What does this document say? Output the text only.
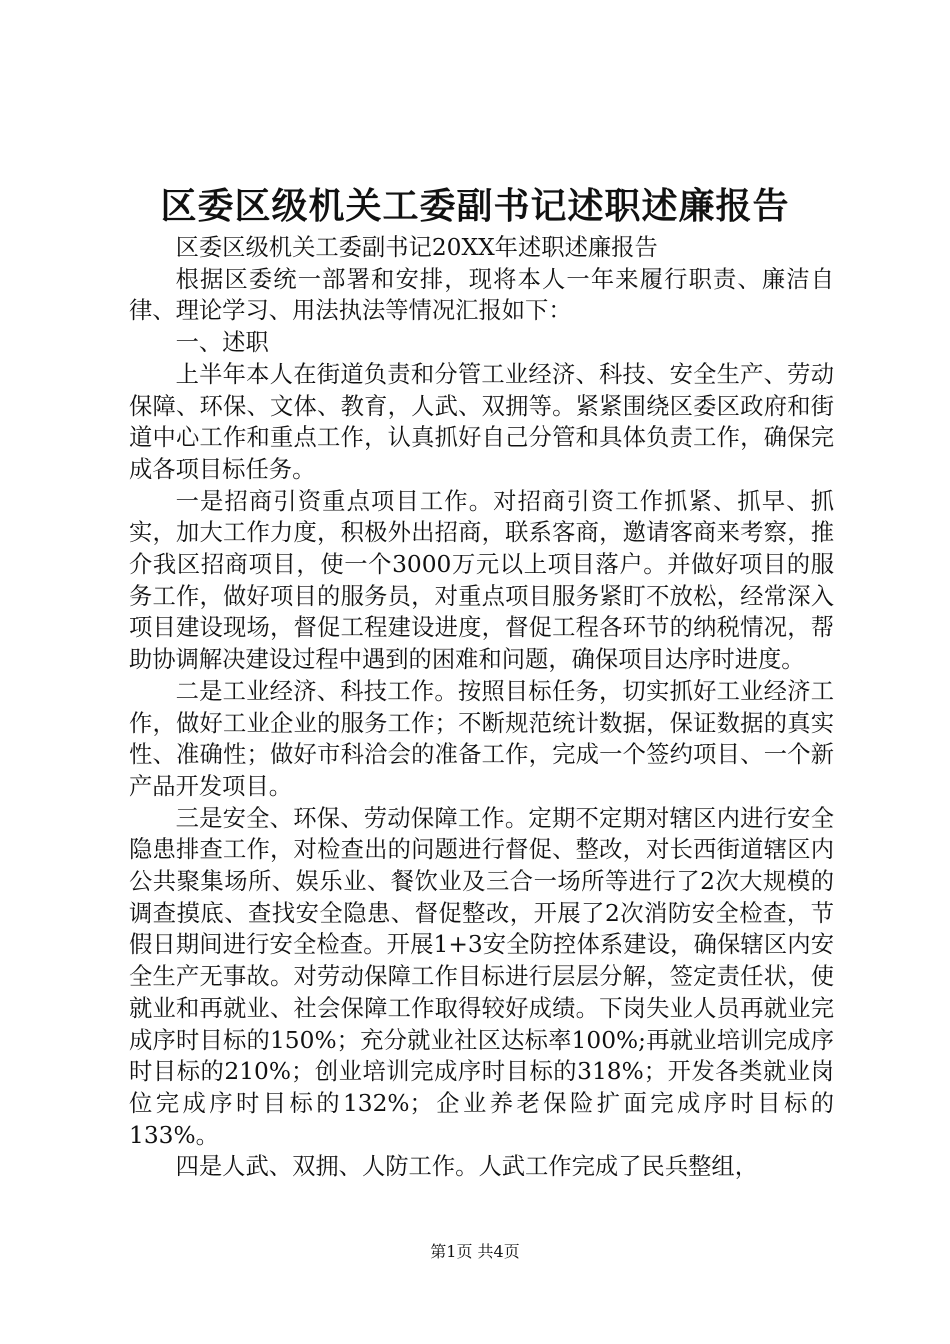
区委区级机关工委副书记述职述廉报告

区委区级机关工委副书记20XX年述职述廉报告

根据区委统一部署和安排，现将本人一年来履行职责、廉洁自律、理论学习、用法执法等情况汇报如下：

一、述职

上半年本人在街道负责和分管工业经济、科技、安全生产、劳动保障、环保、文体、教育，人武、双拥等。紧紧围绕区委区政府和街道中心工作和重点工作，认真抓好自己分管和具体负责工作，确保完成各项目标任务。

一是招商引资重点项目工作。对招商引资工作抓紧、抓早、抓实，加大工作力度，积极外出招商，联系客商，邀请客商来考察，推介我区招商项目，使一个3000万元以上项目落户。并做好项目的服务工作，做好项目的服务员，对重点项目服务紧盯不放松，经常深入项目建设现场，督促工程建设进度，督促工程各环节的纳税情况，帮助协调解决建设过程中遇到的困难和问题，确保项目达序时进度。

二是工业经济、科技工作。按照目标任务，切实抓好工业经济工作，做好工业企业的服务工作；不断规范统计数据，保证数据的真实性、准确性；做好市科洽会的准备工作，完成一个签约项目、一个新产品开发项目。

三是安全、环保、劳动保障工作。定期不定期对辖区内进行安全隐患排查工作，对检查出的问题进行督促、整改，对长西街道辖区内公共聚集场所、娱乐业、餐饮业及三合一场所等进行了2次大规模的调查摸底、查找安全隐患、督促整改，开展了2次消防安全检查，节假日期间进行安全检查。开展1+3安全防控体系建设，确保辖区内安全生产无事故。对劳动保障工作目标进行层层分解，签定责任状，使就业和再就业、社会保障工作取得较好成绩。下岗失业人员再就业完成序时目标的150%；充分就业社区达标率100%;再就业培训完成序时目标的210%；创业培训完成序时目标的318%；开发各类就业岗位完成序时目标的132%；企业养老保险扩面完成序时目标的133%。

四是人武、双拥、人防工作。人武工作完成了民兵整组，

第1页 共4页
